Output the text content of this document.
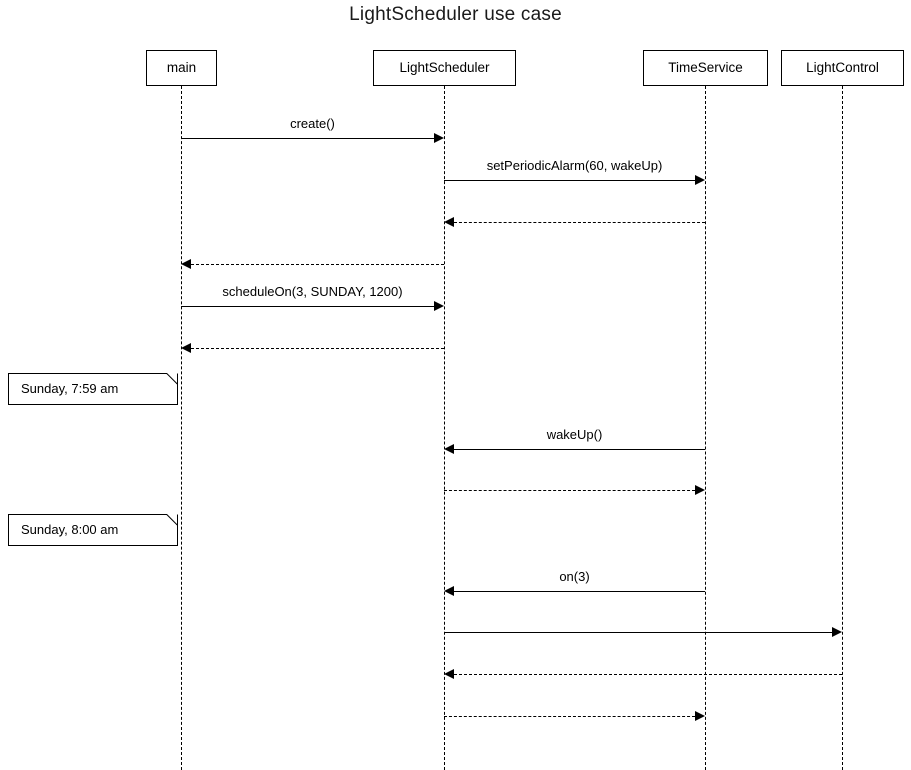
LightScheduler use case
main	LightScheduler	TimeService	LightControl
create()
setPeriodicAlarm(60, wakeUp)
scheduleOn(3, SUNDAY, 1200)
Sunday, 7:59 am
wakeUp()
Sunday, 8:00 am
on(3)
